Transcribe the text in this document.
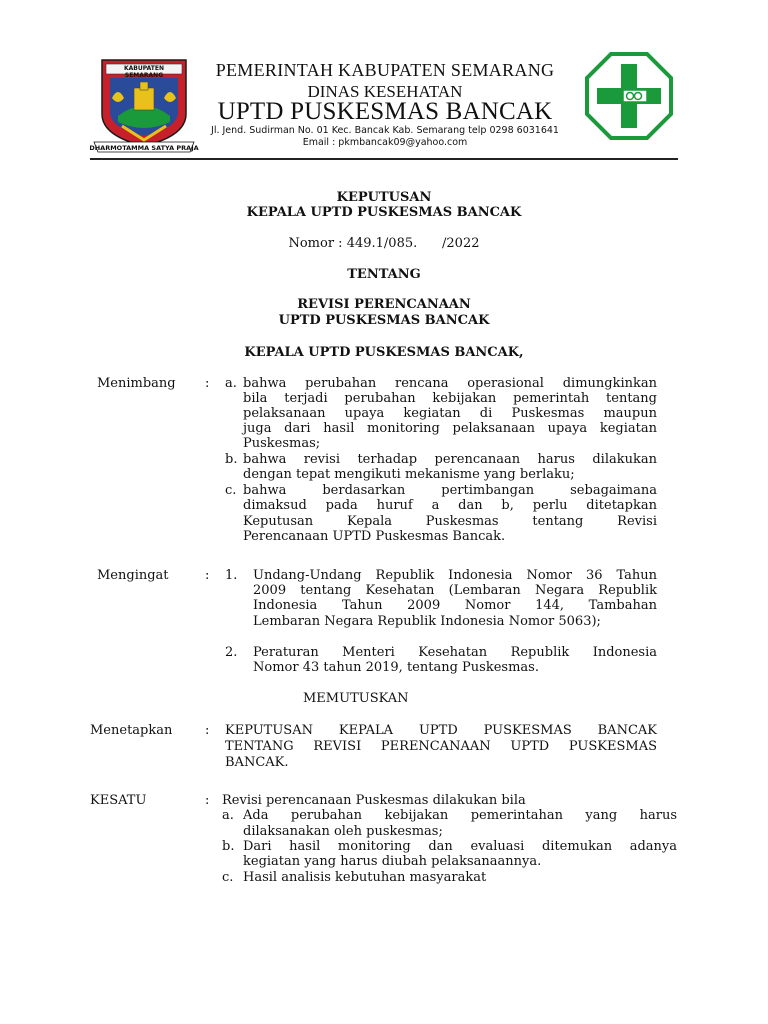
KABUPATEN SEMARANG
DHARMOTAMMA SATYA PRAJA
PEMERINTAH KABUPATEN SEMARANG
DINAS KESEHATAN
UPTD PUSKESMAS BANCAK
Jl. Jend. Sudirman No. 01 Kec. Bancak Kab. Semarang telp 0298 6031641
Email : pkmbancak09@yahoo.com
KEPUTUSAN
KEPALA UPTD PUSKESMAS BANCAK
Nomor : 449.1/085.      /2022
TENTANG
REVISI PERENCANAAN
UPTD PUSKESMAS BANCAK
KEPALA UPTD PUSKESMAS BANCAK,
Menimbang : a. bahwa perubahan rencana operasional dimungkinkan
bila terjadi perubahan kebijakan pemerintah tentang
pelaksanaan upaya kegiatan di Puskesmas maupun
juga dari hasil monitoring pelaksanaan upaya kegiatan
Puskesmas;
b. bahwa revisi terhadap perencanaan harus dilakukan
dengan tepat mengikuti mekanisme yang berlaku;
c. bahwa berdasarkan pertimbangan sebagaimana
dimaksud pada huruf a dan b, perlu ditetapkan
Keputusan Kepala Puskesmas tentang Revisi
Perencanaan UPTD Puskesmas Bancak.
Mengingat	: 1. Undang-Undang Republik Indonesia Nomor 36 Tahun
2009 tentang Kesehatan (Lembaran Negara Republik
Indonesia Tahun 2009 Nomor 144, Tambahan
Lembaran Negara Republik Indonesia Nomor 5063);
2. Peraturan Menteri Kesehatan Republik Indonesia
Nomor 43 tahun 2019, tentang Puskesmas.
MEMUTUSKAN
Menetapkan	: KEPUTUSAN KEPALA UPTD PUSKESMAS BANCAK
TENTANG REVISI PERENCANAAN UPTD PUSKESMAS
BANCAK.
KESATU	: Revisi perencanaan Puskesmas dilakukan bila
a. Ada perubahan kebijakan pemerintahan yang harus
dilaksanakan oleh puskesmas;
b. Dari hasil monitoring dan evaluasi ditemukan adanya
kegiatan yang harus diubah pelaksanaannya.
c. Hasil analisis kebutuhan masyarakat
